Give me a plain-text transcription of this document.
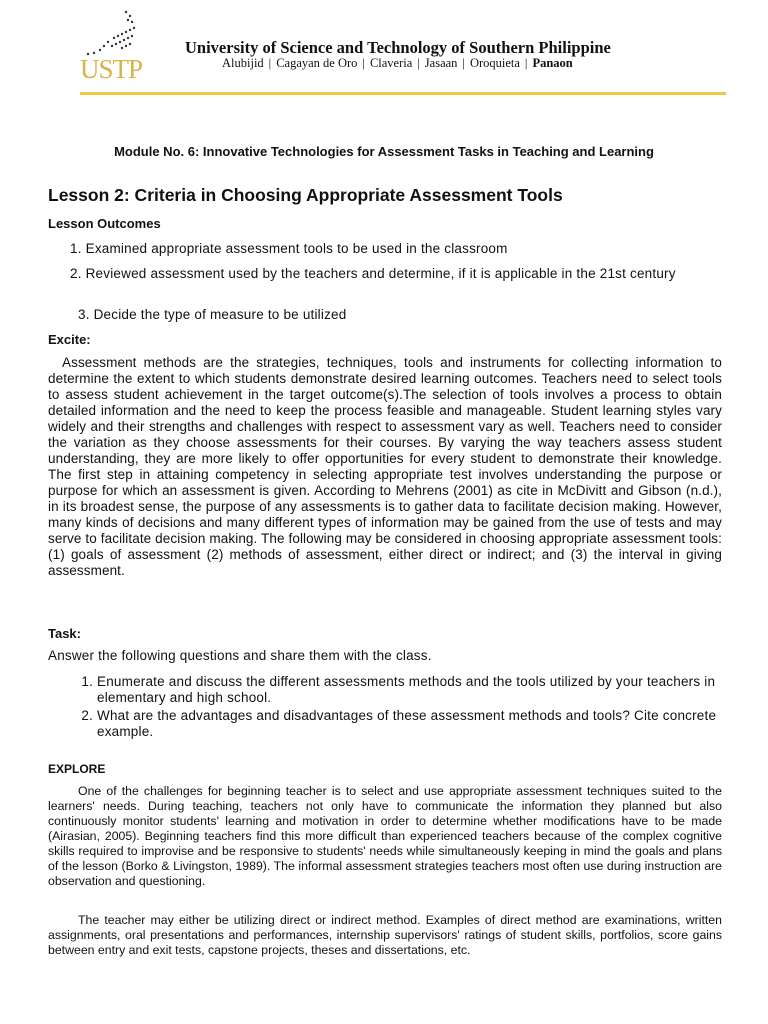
USTP
University of Science and Technology of Southern Philippine
Alubijid | Cagayan de Oro | Claveria | Jasaan | Oroquieta | Panaon
Module No. 6: Innovative Technologies for Assessment Tasks in Teaching and Learning
Lesson 2: Criteria in Choosing Appropriate Assessment Tools
Lesson Outcomes
1. Examined appropriate assessment tools to be used in the classroom
2. Reviewed assessment used by the teachers and determine, if it is applicable in the 21st century
3. Decide the type of measure to be utilized
Excite:
Assessment methods are the strategies, techniques, tools and instruments for collecting information to determine the extent to which students demonstrate desired learning outcomes. Teachers need to select tools to assess student achievement in the target outcome(s).The selection of tools involves a process to obtain detailed information and the need to keep the process feasible and manageable. Student learning styles vary widely and their strengths and challenges with respect to assessment vary as well. Teachers need to consider the variation as they choose assessments for their courses. By varying the way teachers assess student understanding, they are more likely to offer opportunities for every student to demonstrate their knowledge. The first step in attaining competency in selecting appropriate test involves understanding the purpose or purpose for which an assessment is given. According to Mehrens (2001) as cite in McDivitt and Gibson (n.d.), in its broadest sense, the purpose of any assessments is to gather data to facilitate decision making. However, many kinds of decisions and many different types of information may be gained from the use of tests and may serve to facilitate decision making. The following may be considered in choosing appropriate assessment tools: (1) goals of assessment (2) methods of assessment, either direct or indirect; and (3) the interval in giving assessment.
Task:
Answer the following questions and share them with the class.
1. Enumerate and discuss the different assessments methods and the tools utilized by your teachers in elementary and high school.
2. What are the advantages and disadvantages of these assessment methods and tools? Cite concrete example.
EXPLORE
One of the challenges for beginning teacher is to select and use appropriate assessment techniques suited to the learners' needs. During teaching, teachers not only have to communicate the information they planned but also continuously monitor students' learning and motivation in order to determine whether modifications have to be made (Airasian, 2005). Beginning teachers find this more difficult than experienced teachers because of the complex cognitive skills required to improvise and be responsive to students' needs while simultaneously keeping in mind the goals and plans of the lesson (Borko & Livingston, 1989). The informal assessment strategies teachers most often use during instruction are observation and questioning.
The teacher may either be utilizing direct or indirect method. Examples of direct method are examinations, written assignments, oral presentations and performances, internship supervisors' ratings of student skills, portfolios, score gains between entry and exit tests, capstone projects, theses and dissertations, etc.
